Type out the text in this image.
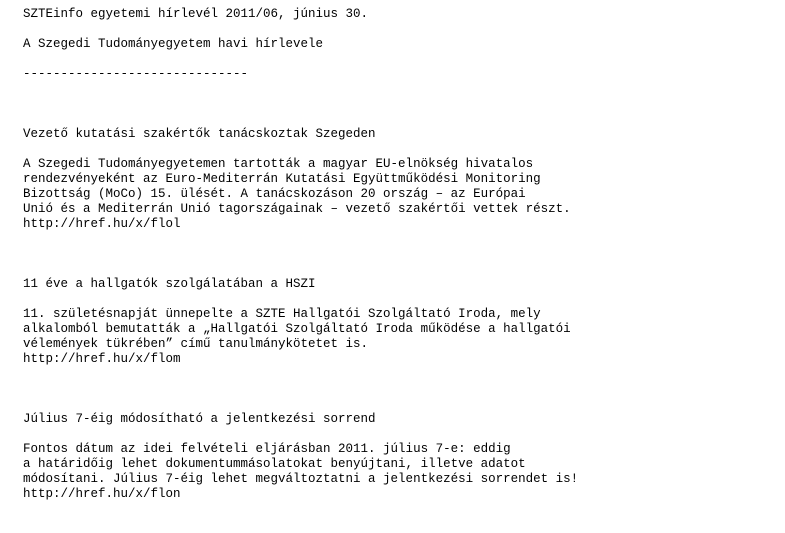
SZTEinfo egyetemi hírlevél 2011/06, június 30.
A Szegedi Tudományegyetem havi hírlevele
------------------------------
Vezető kutatási szakértők tanácskoztak Szegeden
A Szegedi Tudományegyetemen tartották a magyar EU-elnökség hivatalos
rendezvényeként az Euro-Mediterrán Kutatási Együttműködési Monitoring
Bizottság (MoCo) 15. ülését. A tanácskozáson 20 ország – az Európai
Unió és a Mediterrán Unió tagországainak – vezető szakértői vettek részt.
http://href.hu/x/flol
11 éve a hallgatók szolgálatában a HSZI
11. születésnapját ünnepelte a SZTE Hallgatói Szolgáltató Iroda, mely
alkalomból bemutatták a „Hallgatói Szolgáltató Iroda működése a hallgatói
vélemények tükrében” című tanulmánykötetet is.
http://href.hu/x/flom
Július 7-éig módosítható a jelentkezési sorrend
Fontos dátum az idei felvételi eljárásban 2011. július 7-e: eddig
a határidőig lehet dokumentummásolatokat benyújtani, illetve adatot
módosítani. Július 7-éig lehet megváltoztatni a jelentkezési sorrendet is!
http://href.hu/x/flon
